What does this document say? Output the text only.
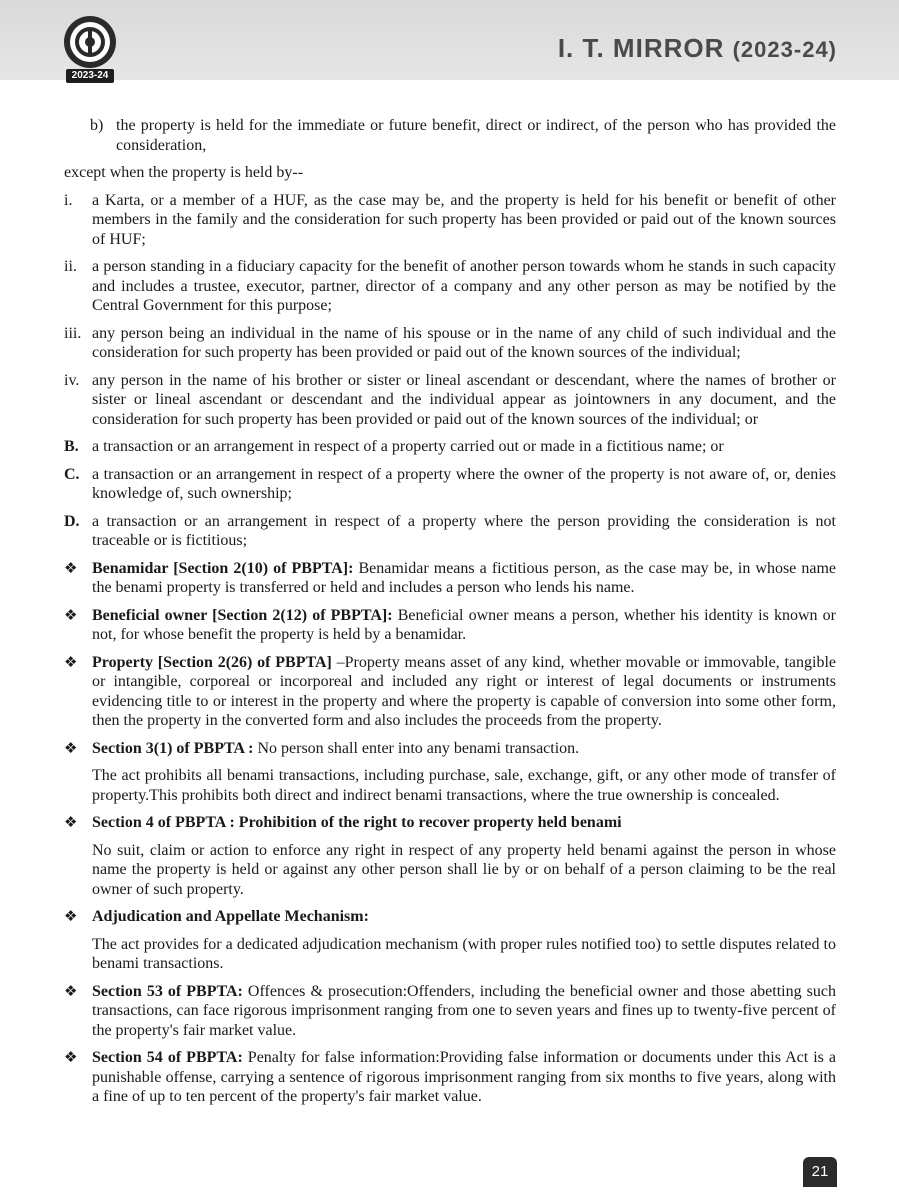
2023-24
I. T. MIRROR (2023-24)
b) the property is held for the immediate or future benefit, direct or indirect, of the person who has provided the consideration,
except when the property is held by--
i.	a Karta, or a member of a HUF, as the case may be, and the property is held for his benefit or benefit of other members in the family and the consideration for such property has been provided or paid out of the known sources of HUF;
ii. a person standing in a fiduciary capacity for the benefit of another person towards whom he stands in such capacity and includes a trustee, executor, partner, director of a company and any other person as may be notified by the Central Government for this purpose;
iii. any person being an individual in the name of his spouse or in the name of any child of such individual and the consideration for such property has been provided or paid out of the known sources of the individual;
iv. any person in the name of his brother or sister or lineal ascendant or descendant, where the names of brother or sister or lineal ascendant or descendant and the individual appear as jointowners in any document, and the consideration for such property has been provided or paid out of the known sources of the individual; or
B. a transaction or an arrangement in respect of a property carried out or made in a fictitious name; or
C. a transaction or an arrangement in respect of a property where the owner of the property is not aware of, or, denies knowledge of, such ownership;
D. a transaction or an arrangement in respect of a property where the person providing the consideration is not traceable or is fictitious;
❖ Benamidar [Section 2(10) of PBPTA]: Benamidar means a fictitious person, as the case may be, in whose name the benami property is transferred or held and includes a person who lends his name.
❖ Beneficial owner [Section 2(12) of PBPTA]: Beneficial owner means a person, whether his identity is known or not, for whose benefit the property is held by a benamidar.
❖ Property [Section 2(26) of PBPTA] –Property means asset of any kind, whether movable or immovable, tangible or intangible, corporeal or incorporeal and included any right or interest of legal documents or instruments evidencing title to or interest in the property and where the property is capable of conversion into some other form, then the property in the converted form and also includes the proceeds from the property.
❖ Section 3(1) of PBPTA : No person shall enter into any benami transaction.
The act prohibits all benami transactions, including purchase, sale, exchange, gift, or any other mode of transfer of property.This prohibits both direct and indirect benami transactions, where the true ownership is concealed.
❖ Section 4 of PBPTA : Prohibition of the right to recover property held benami
No suit, claim or action to enforce any right in respect of any property held benami against the person in whose name the property is held or against any other person shall lie by or on behalf of a person claiming to be the real owner of such property.
❖ Adjudication and Appellate Mechanism:
The act provides for a dedicated adjudication mechanism (with proper rules notified too) to settle disputes related to benami transactions.
❖ Section 53 of PBPTA: Offences & prosecution:Offenders, including the beneficial owner and those abetting such transactions, can face rigorous imprisonment ranging from one to seven years and fines up to twenty-five percent of the property's fair market value.
❖ Section 54 of PBPTA: Penalty for false information:Providing false information or documents under this Act is a punishable offense, carrying a sentence of rigorous imprisonment ranging from six months to five years, along with a fine of up to ten percent of the property's fair market value.
21
